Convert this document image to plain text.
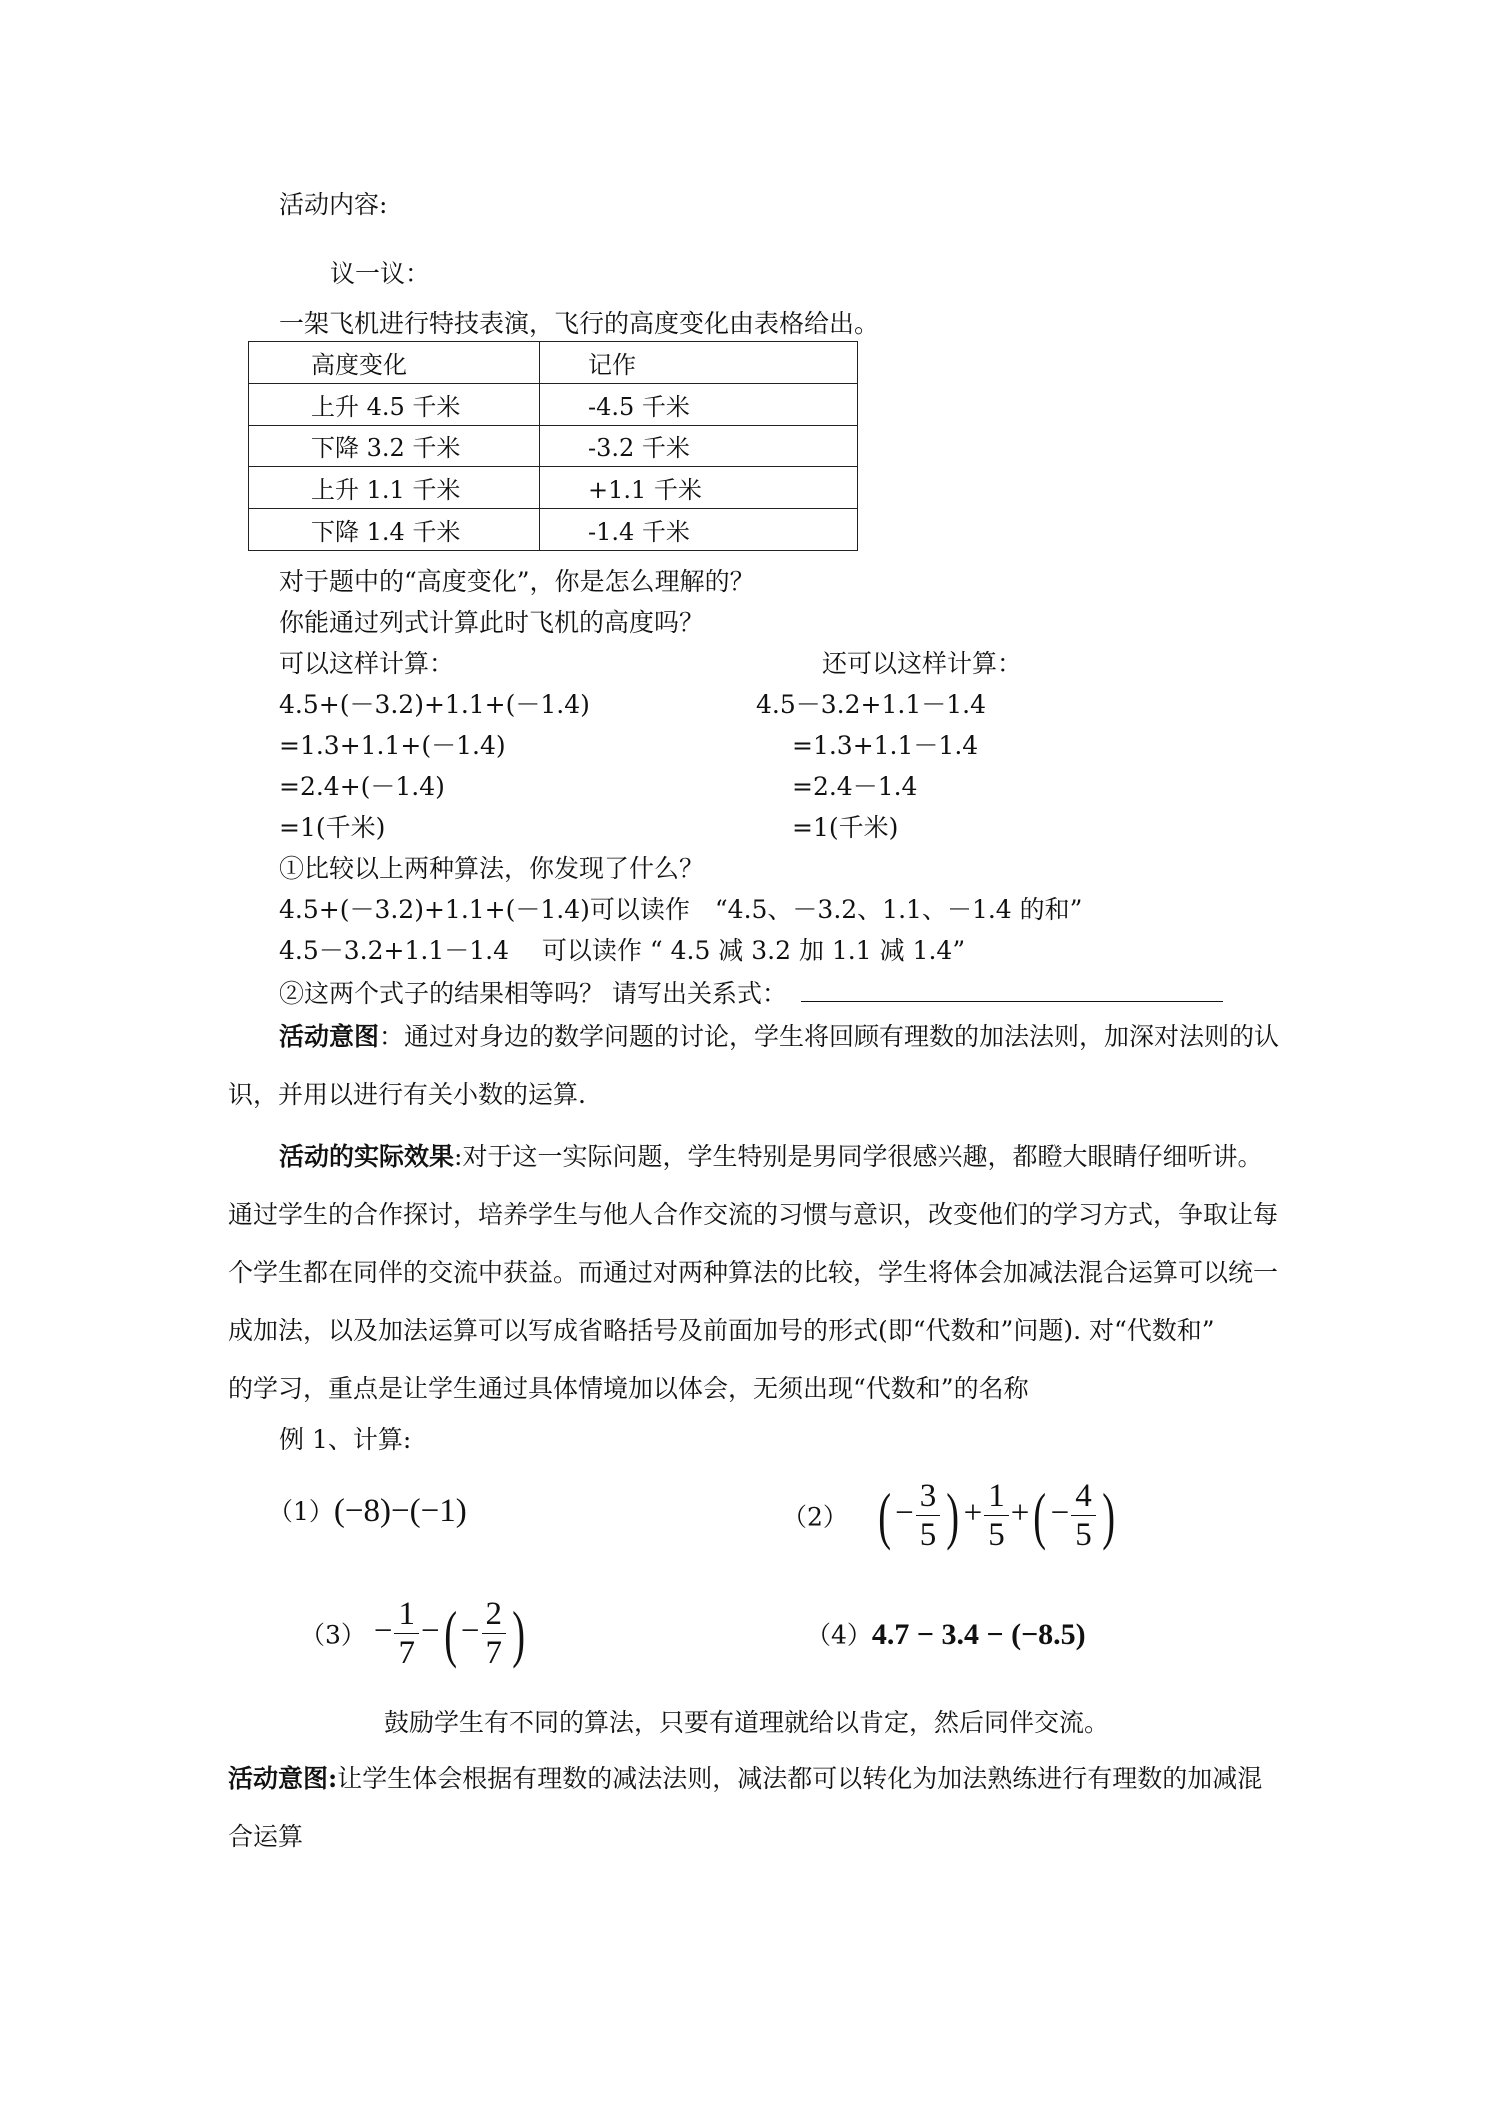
活动内容:
议一议：
一架飞机进行特技表演，飞行的高度变化由表格给出。
高度变化	记作
上升 4.5 千米	-4.5 千米
下降 3.2 千米	-3.2 千米
上升 1.1 千米	+1.1 千米
下降 1.4 千米	-1.4 千米
对于题中的“高度变化”，你是怎么理解的？
你能通过列式计算此时飞机的高度吗？
可以这样计算：	还可以这样计算：
4.5+(－3.2)+1.1+(－1.4)
=1.3+1.1+(－1.4)
=2.4+(－1.4)
=1(千米)
4.5－3.2+1.1－1.4
=1.3+1.1－1.4
=2.4－1.4
=1(千米)
①比较以上两种算法，你发现了什么？
4.5+(－3.2)+1.1+(－1.4)可以读作　“4.5、－3.2、1.1、－1.4 的和”
4.5－3.2+1.1－1.4　 可以读作 “ 4.5 减 3.2 加 1.1 减 1.4”
②这两个式子的结果相等吗？ 请写出关系式：
活动意图：通过对身边的数学问题的讨论，学生将回顾有理数的加法法则，加深对法则的认
识，并用以进行有关小数的运算.
活动的实际效果:对于这一实际问题，学生特别是男同学很感兴趣，都瞪大眼睛仔细听讲。
通过学生的合作探讨，培养学生与他人合作交流的习惯与意识，改变他们的学习方式，争取让每
个学生都在同伴的交流中获益。而通过对两种算法的比较，学生将体会加减法混合运算可以统一
成加法，以及加法运算可以写成省略括号及前面加号的形式(即“代数和”问题). 对“代数和”
的学习，重点是让学生通过具体情境加以体会，无须出现“代数和”的名称
例 1、计算:
（1）(−8)−(−1)	（2） ( − $\frac{3}{5}$ ) + $\frac{1}{5}$ +( − $\frac{4}{5}$ )
$(3) - \frac{1}{7}$ −( − $\frac{2}{7}$ )	（4）4.7 − 3.4 − (−8.5)
鼓励学生有不同的算法，只要有道理就给以肯定，然后同伴交流。
活动意图:让学生体会根据有理数的减法法则，减法都可以转化为加法熟练进行有理数的加减混
合运算
